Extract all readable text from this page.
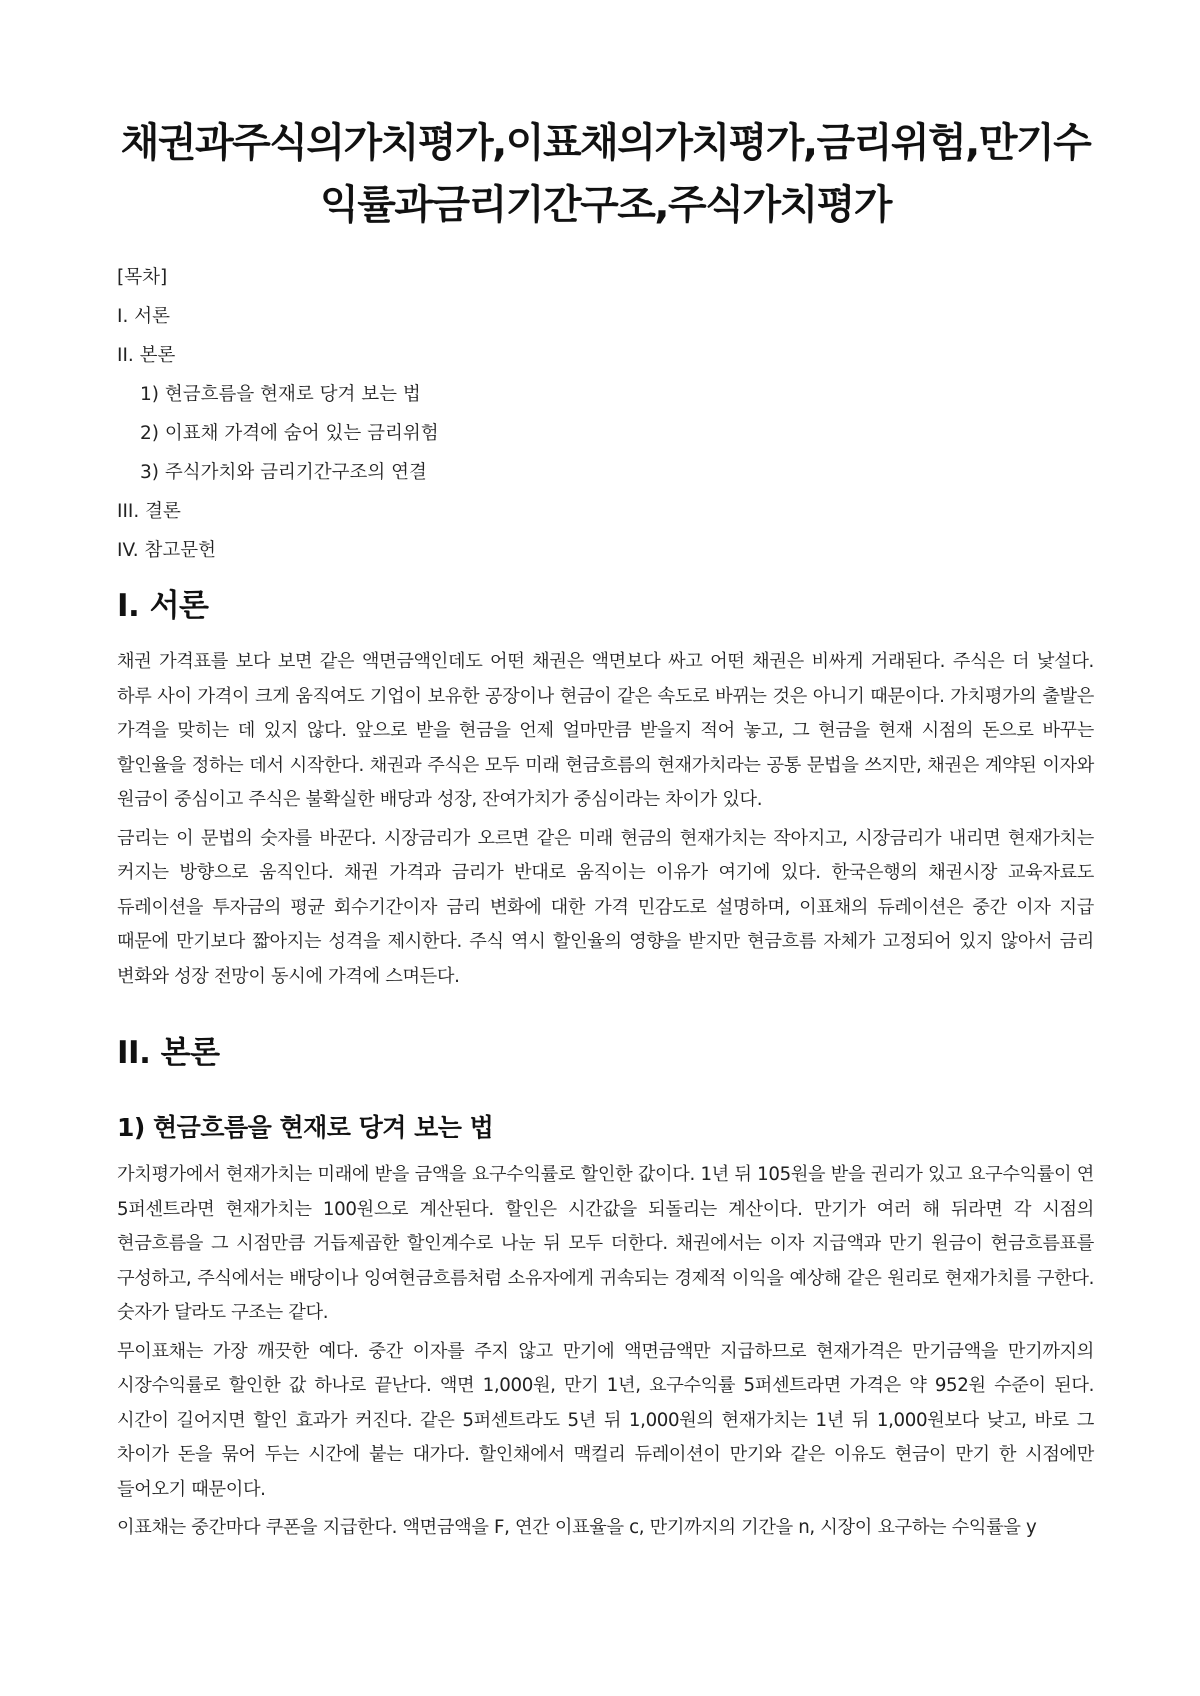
채권과주식의가치평가,이표채의가치평가,금리위험,만기수익률과금리기간구조,주식가치평가
[목차]
I. 서론
II. 본론
1) 현금흐름을 현재로 당겨 보는 법
2) 이표채 가격에 숨어 있는 금리위험
3) 주식가치와 금리기간구조의 연결
III. 결론
IV. 참고문헌
I. 서론

채권 가격표를 보다 보면 같은 액면금액인데도 어떤 채권은 액면보다 싸고 어떤 채권은 비싸게 거래된다. 주식은 더 낯설다. 하루 사이 가격이 크게 움직여도 기업이 보유한 공장이나 현금이 같은 속도로 바뀌는 것은 아니기 때문이다. 가치평가의 출발은 가격을 맞히는 데 있지 않다. 앞으로 받을 현금을 언제 얼마만큼 받을지 적어 놓고, 그 현금을 현재 시점의 돈으로 바꾸는 할인율을 정하는 데서 시작한다. 채권과 주식은 모두 미래 현금흐름의 현재가치라는 공통 문법을 쓰지만, 채권은 계약된 이자와 원금이 중심이고 주식은 불확실한 배당과 성장, 잔여가치가 중심이라는 차이가 있다.

금리는 이 문법의 숫자를 바꾼다. 시장금리가 오르면 같은 미래 현금의 현재가치는 작아지고, 시장금리가 내리면 현재가치는 커지는 방향으로 움직인다. 채권 가격과 금리가 반대로 움직이는 이유가 여기에 있다. 한국은행의 채권시장 교육자료도 듀레이션을 투자금의 평균 회수기간이자 금리 변화에 대한 가격 민감도로 설명하며, 이표채의 듀레이션은 중간 이자 지급 때문에 만기보다 짧아지는 성격을 제시한다. 주식 역시 할인율의 영향을 받지만 현금흐름 자체가 고정되어 있지 않아서 금리 변화와 성장 전망이 동시에 가격에 스며든다.

II. 본론
1) 현금흐름을 현재로 당겨 보는 법

가치평가에서 현재가치는 미래에 받을 금액을 요구수익률로 할인한 값이다. 1년 뒤 105원을 받을 권리가 있고 요구수익률이 연 5퍼센트라면 현재가치는 100원으로 계산된다. 할인은 시간값을 되돌리는 계산이다. 만기가 여러 해 뒤라면 각 시점의 현금흐름을 그 시점만큼 거듭제곱한 할인계수로 나눈 뒤 모두 더한다. 채권에서는 이자 지급액과 만기 원금이 현금흐름표를 구성하고, 주식에서는 배당이나 잉여현금흐름처럼 소유자에게 귀속되는 경제적 이익을 예상해 같은 원리로 현재가치를 구한다. 숫자가 달라도 구조는 같다.

무이표채는 가장 깨끗한 예다. 중간 이자를 주지 않고 만기에 액면금액만 지급하므로 현재가격은 만기금액을 만기까지의 시장수익률로 할인한 값 하나로 끝난다. 액면 1,000원, 만기 1년, 요구수익률 5퍼센트라면 가격은 약 952원 수준이 된다. 시간이 길어지면 할인 효과가 커진다. 같은 5퍼센트라도 5년 뒤 1,000원의 현재가치는 1년 뒤 1,000원보다 낮고, 바로 그 차이가 돈을 묶어 두는 시간에 붙는 대가다. 할인채에서 맥컬리 듀레이션이 만기와 같은 이유도 현금이 만기 한 시점에만 들어오기 때문이다.

이표채는 중간마다 쿠폰을 지급한다. 액면금액을 F, 연간 이표율을 c, 만기까지의 기간을 n, 시장이 요구하는 수익률을 y
